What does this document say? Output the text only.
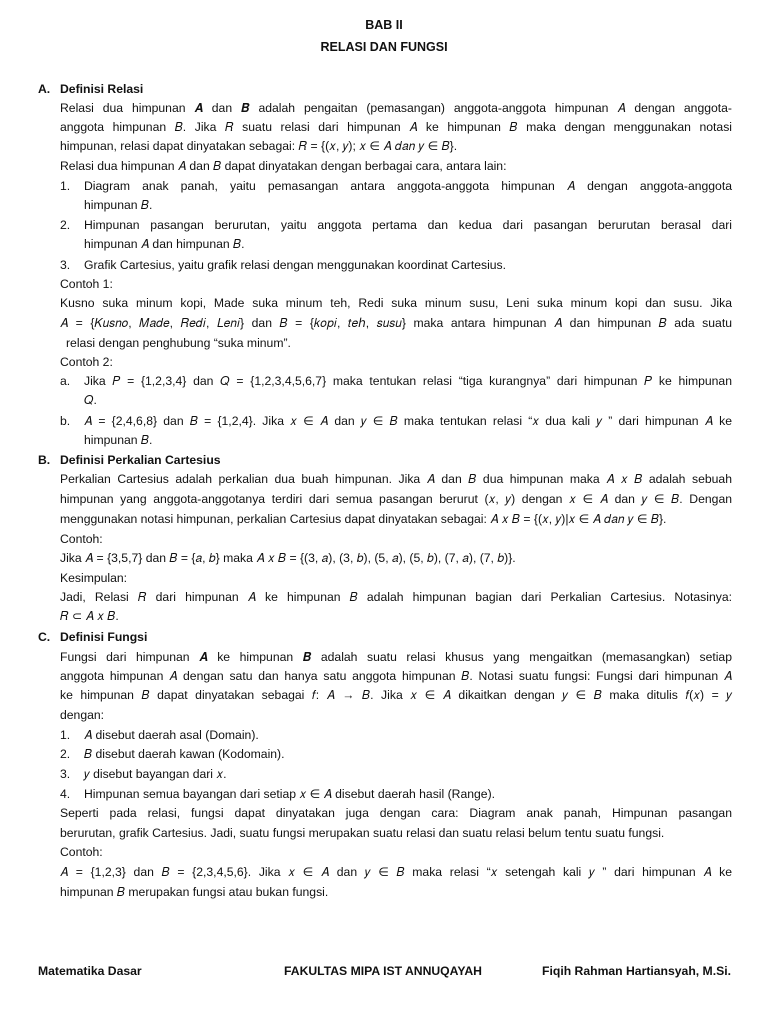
BAB II
RELASI DAN FUNGSI
A. Definisi Relasi
Relasi dua himpunan 𝑨 dan 𝑩 adalah pengaitan (pemasangan) anggota-anggota himpunan 𝐴 dengan anggota-
anggota himpunan 𝐵. Jika 𝑅 suatu relasi dari himpunan 𝐴 ke himpunan 𝐵 maka dengan menggunakan notasi
himpunan, relasi dapat dinyatakan sebagai: 𝑅 = {(𝑥, 𝑦); 𝑥 ∈ 𝐴 𝑑𝑎𝑛 𝑦 ∈ 𝐵}.
Relasi dua himpunan 𝐴 dan 𝐵 dapat dinyatakan dengan berbagai cara, antara lain:
1. Diagram anak panah, yaitu pemasangan antara anggota-anggota himpunan 𝐴 dengan anggota-anggota
himpunan 𝐵.
2. Himpunan pasangan berurutan, yaitu anggota pertama dan kedua dari pasangan berurutan berasal dari
himpunan 𝐴 dan himpunan 𝐵.
3. Grafik Cartesius, yaitu grafik relasi dengan menggunakan koordinat Cartesius.
Contoh 1:
Kusno suka minum kopi, Made suka minum teh, Redi suka minum susu, Leni suka minum kopi dan susu. Jika
𝐴 = {𝐾𝑢𝑠𝑛𝑜, 𝑀𝑎𝑑𝑒, 𝑅𝑒𝑑𝑖, 𝐿𝑒𝑛𝑖} dan 𝐵 = {𝑘𝑜𝑝𝑖, 𝑡𝑒ℎ, 𝑠𝑢𝑠𝑢} maka antara himpunan 𝐴 dan himpunan 𝐵 ada suatu
relasi dengan penghubung “suka minum”.
Contoh 2:
a. Jika 𝑃 = {1,2,3,4} dan 𝑄 = {1,2,3,4,5,6,7} maka tentukan relasi “tiga kurangnya” dari himpunan 𝑃 ke himpunan
𝑄.
b. 𝐴 = {2,4,6,8} dan 𝐵 = {1,2,4}. Jika 𝑥 ∈ 𝐴 dan 𝑦 ∈ 𝐵 maka tentukan relasi “𝑥 dua kali 𝑦 ” dari himpunan 𝐴 ke
himpunan 𝐵.
B. Definisi Perkalian Cartesius
Perkalian Cartesius adalah perkalian dua buah himpunan. Jika 𝐴 dan 𝐵 dua himpunan maka 𝐴 𝑥 𝐵 adalah sebuah
himpunan yang anggota-anggotanya terdiri dari semua pasangan berurut (𝑥, 𝑦) dengan 𝑥 ∈ 𝐴 dan 𝑦 ∈ 𝐵. Dengan
menggunakan notasi himpunan, perkalian Cartesius dapat dinyatakan sebagai: 𝐴 𝑥 𝐵 = {(𝑥, 𝑦)|𝑥 ∈ 𝐴 𝑑𝑎𝑛 𝑦 ∈ 𝐵}.
Contoh:
Jika 𝐴 = {3,5,7} dan 𝐵 = {𝑎, 𝑏} maka 𝐴 𝑥 𝐵 = {(3, 𝑎), (3, 𝑏), (5, 𝑎), (5, 𝑏), (7, 𝑎), (7, 𝑏)}.
Kesimpulan:
Jadi, Relasi 𝑅 dari himpunan 𝐴 ke himpunan 𝐵 adalah himpunan bagian dari Perkalian Cartesius. Notasinya:
𝑅 ⊂ 𝐴 𝑥 𝐵.
C. Definisi Fungsi
Fungsi dari himpunan 𝑨 ke himpunan 𝑩 adalah suatu relasi khusus yang mengaitkan (memasangkan) setiap
anggota himpunan 𝐴 dengan satu dan hanya satu anggota himpunan 𝐵. Notasi suatu fungsi: Fungsi dari himpunan 𝐴
ke himpunan 𝐵 dapat dinyatakan sebagai 𝑓: 𝐴 → 𝐵. Jika 𝑥 ∈ 𝐴 dikaitkan dengan 𝑦 ∈ 𝐵 maka ditulis 𝑓(𝑥) = 𝑦
dengan:
1. 𝐴 disebut daerah asal (Domain).
2. 𝐵 disebut daerah kawan (Kodomain).
3. 𝑦 disebut bayangan dari 𝑥.
4. Himpunan semua bayangan dari setiap 𝑥 ∈ 𝐴 disebut daerah hasil (Range).
Seperti pada relasi, fungsi dapat dinyatakan juga dengan cara: Diagram anak panah, Himpunan pasangan
berurutan, grafik Cartesius. Jadi, suatu fungsi merupakan suatu relasi dan suatu relasi belum tentu suatu fungsi.
Contoh:
𝐴 = {1,2,3} dan 𝐵 = {2,3,4,5,6}. Jika 𝑥 ∈ 𝐴 dan 𝑦 ∈ 𝐵 maka relasi “𝑥 setengah kali 𝑦 ” dari himpunan 𝐴 ke
himpunan 𝐵 merupakan fungsi atau bukan fungsi.
Matematika Dasar	FAKULTAS MIPA IST ANNUQAYAH	Fiqih Rahman Hartiansyah, M.Si.
